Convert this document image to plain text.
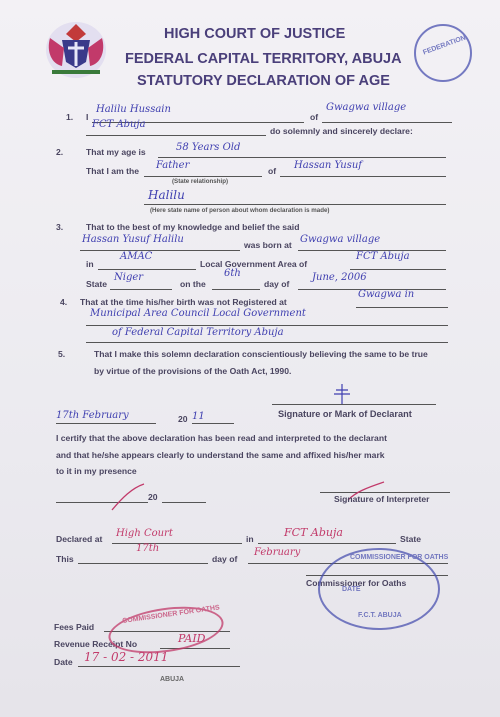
FEDERATION
HIGH COURT OF JUSTICE
FEDERAL CAPITAL TERRITORY, ABUJA
STATUTORY DECLARATION OF AGE
1. I
Halilu Hussain
of
Gwagwa village
FCT Abuja
do solemnly and sincerely declare:
2.	That my age is	58 Years Old
That I am the Father	of Hassan Yusuf
(State relationship)
Halilu
(Here state name of person about whom declaration is made)
3.	That to the best of my knowledge and belief the said
Hassan Yusuf Halilu	was born at Gwagwa village
in
AMAC
Local Government Area of
FCT Abuja
State
Niger
on the
6th
day of
June, 2006
4. That at the time his/her birth was not Registered at
Gwagwa in
Municipal Area Council Local Government
of Federal Capital Territory Abuja
5.	That I make this solemn declaration conscientiously believing the same to be true
by virtue of the provisions of the Oath Act, 1990.
Signature or Mark of Declarant
17th February	20 11
I certify that the above declaration has been read and interpreted to the declarant
and that he/she appears clearly to understand the same and affixed his/her mark
to it in my presence
20	Signature of Interpreter
Declared at High Court	in	FCT Abuja	State
This
17th
day of
February
Commissioner for Oaths
COMMISSIONER FOR OATHS
DATE
F.C.T. ABUJA
Fees Paid
Revenue Receipt No	PAID
Date 17 - 02 - 2011
ABUJA
COMMISSIONER FOR OATHS
